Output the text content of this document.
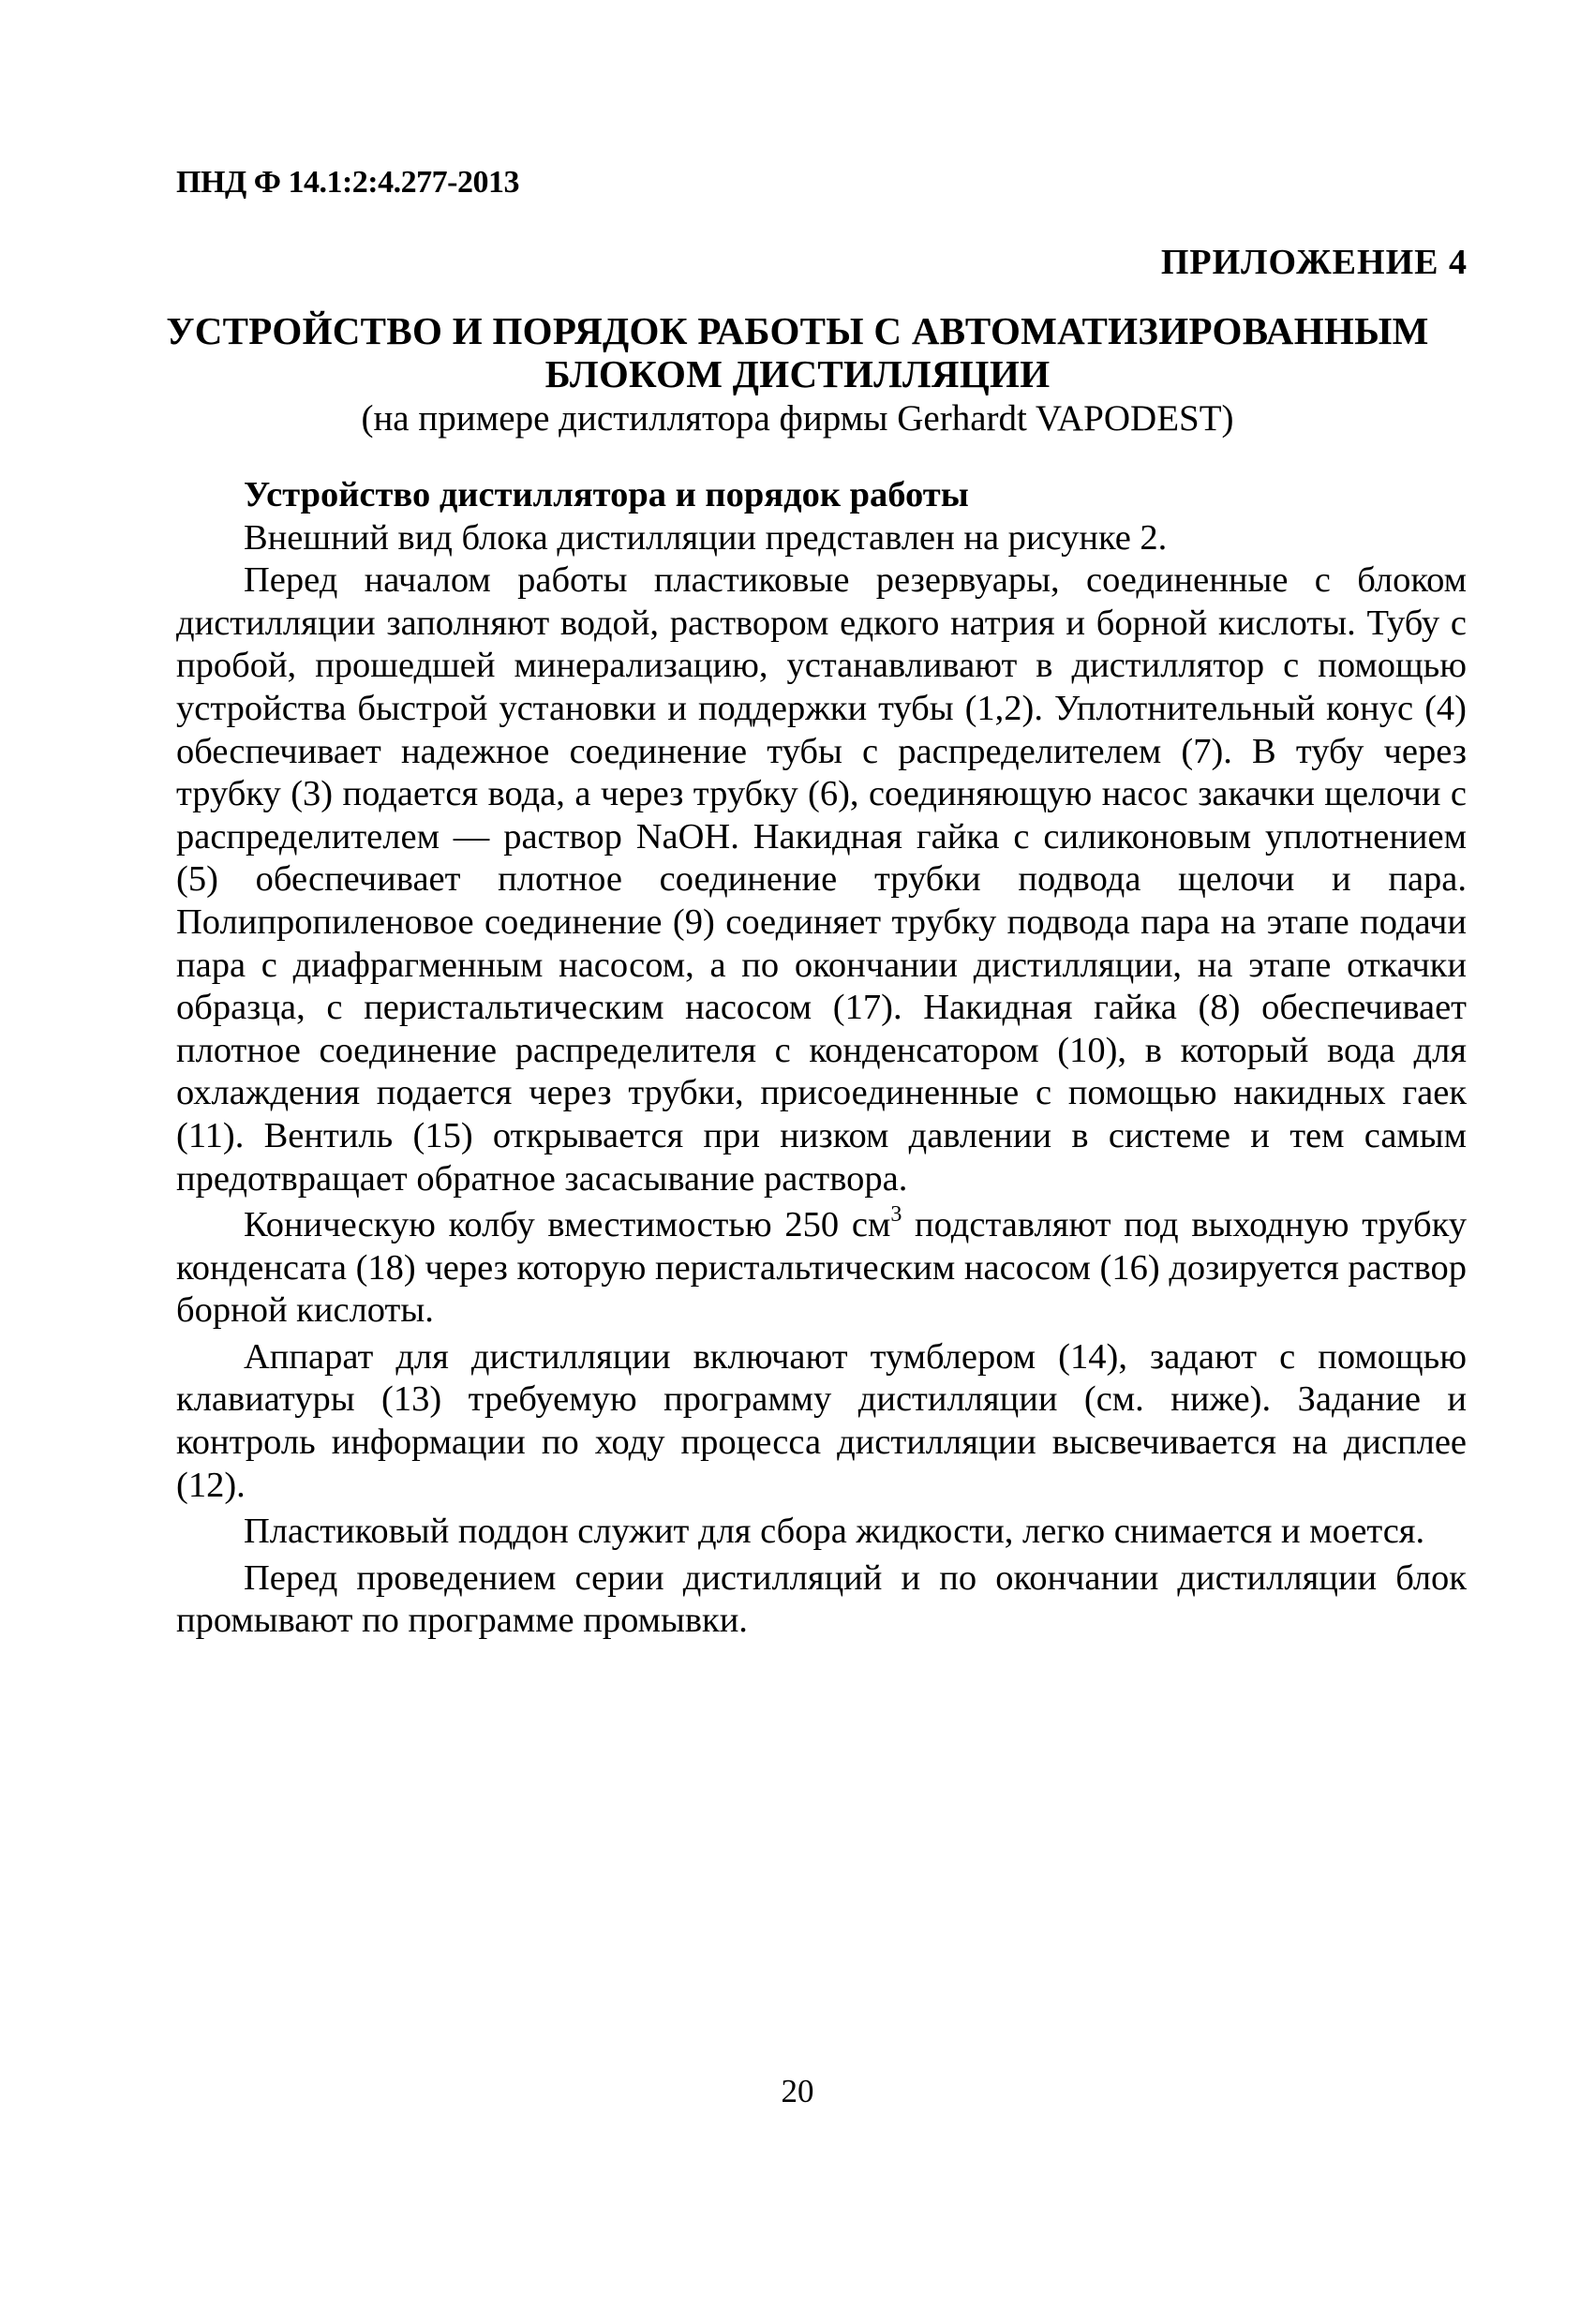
ПНД Ф 14.1:2:4.277-2013
ПРИЛОЖЕНИЕ 4
УСТРОЙСТВО И ПОРЯДОК РАБОТЫ С АВТОМАТИЗИРОВАННЫМ
БЛОКОМ ДИСТИЛЛЯЦИИ
(на примере дистиллятора фирмы Gerhardt VAPODEST)
Устройство дистиллятора и порядок работы

Внешний вид блока дистилляции представлен на рисунке 2.

Перед началом работы пластиковые резервуары, соединенные с блоком дистилляции заполняют водой, раствором едкого натрия и борной кислоты. Тубу с пробой, прошедшей минерализацию, устанавливают в дистиллятор с помощью устройства быстрой установки и поддержки тубы (1,2). Уплотнительный конус (4) обеспечивает надежное соединение тубы с распределителем (7). В тубу через трубку (3) подается вода, а через трубку (6), соединяющую насос закачки щелочи с распределителем — раствор NaOH. Накидная гайка с силиконовым уплотнением (5) обеспечивает плотное соединение трубки подвода щелочи и пара. Полипропиленовое соединение (9) соединяет трубку подвода пара на этапе подачи пара с диафрагменным насосом, а по окончании дистилляции, на этапе откачки образца, с перистальтическим насосом (17). Накидная гайка (8) обеспечивает плотное соединение распределителя с конденсатором (10), в который вода для охлаждения подается через трубки, присоединенные с помощью накидных гаек (11). Вентиль (15) открывается при низком давлении в системе и тем самым предотвращает обратное засасывание раствора.

Коническую колбу вместимостью 250 $см^3$ подставляют под выходную трубку конденсата (18) через которую перистальтическим насосом (16) дозируется раствор борной кислоты.

Аппарат для дистилляции включают тумблером (14), задают с помощью клавиатуры (13) требуемую программу дистилляции (см. ниже). Задание и контроль информации по ходу процесса дистилляции высвечивается на дисплее (12).

Пластиковый поддон служит для сбора жидкости, легко снимается и моется.

Перед проведением серии дистилляций и по окончании дистилляции блок промывают по программе промывки.

20
